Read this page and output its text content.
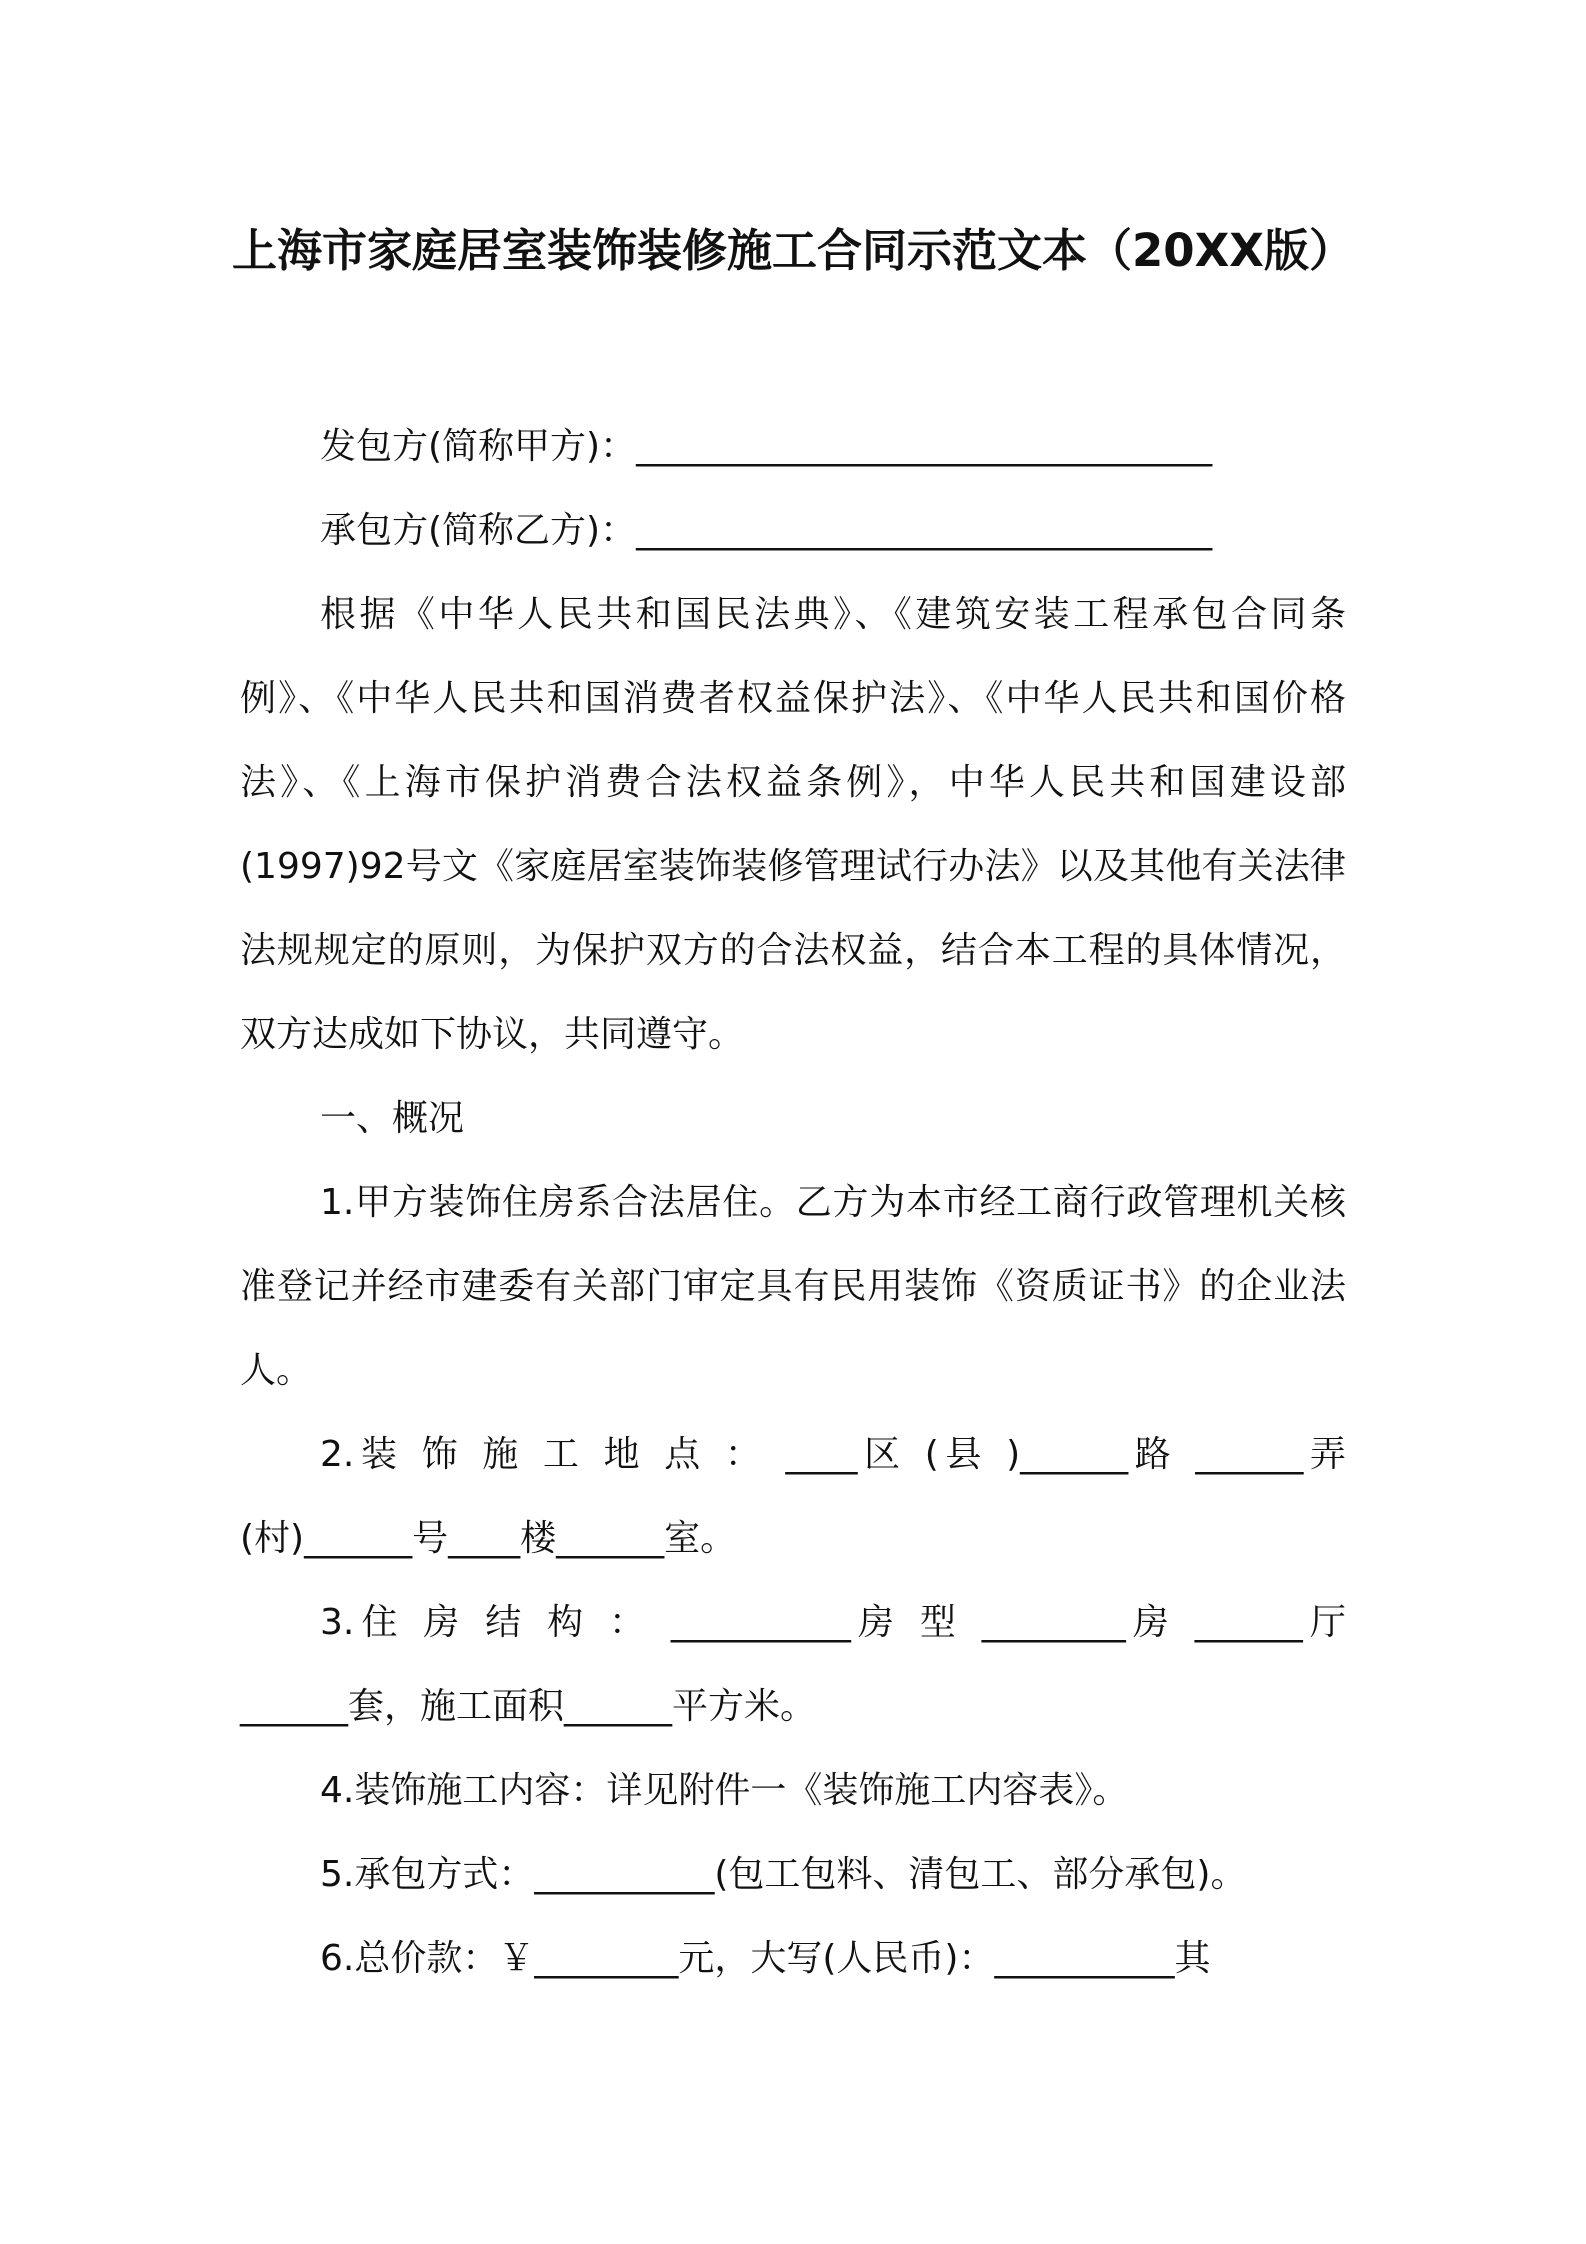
上海市家庭居室装饰装修施工合同示范文本（20XX版）

发包方(简称甲方)：________________________________

承包方(简称乙方)：________________________________

根据《中华人民共和国民法典》、《建筑安装工程承包合同条例》、《中华人民共和国消费者权益保护法》、《中华人民共和国价格法》、《上海市保护消费合法权益条例》，中华人民共和国建设部(1997)92号文《家庭居室装饰装修管理试行办法》以及其他有关法律法规规定的原则，为保护双方的合法权益，结合本工程的具体情况，双方达成如下协议，共同遵守。

一、概况

1.甲方装饰住房系合法居住。乙方为本市经工商行政管理机关核准登记并经市建委有关部门审定具有民用装饰《资质证书》的企业法人。

2.装 饰 施 工 地 点 ： ____区 (县 )______路 ______弄

(村)______号____楼______室。

3.住 房 结 构 ： __________房 型 ________房 ______厅

______套，施工面积______平方米。

4.装饰施工内容：详见附件一《装饰施工内容表》。

5.承包方式：__________(包工包料、清包工、部分承包)。

6.总价款：￥________元，大写(人民币)：__________其
